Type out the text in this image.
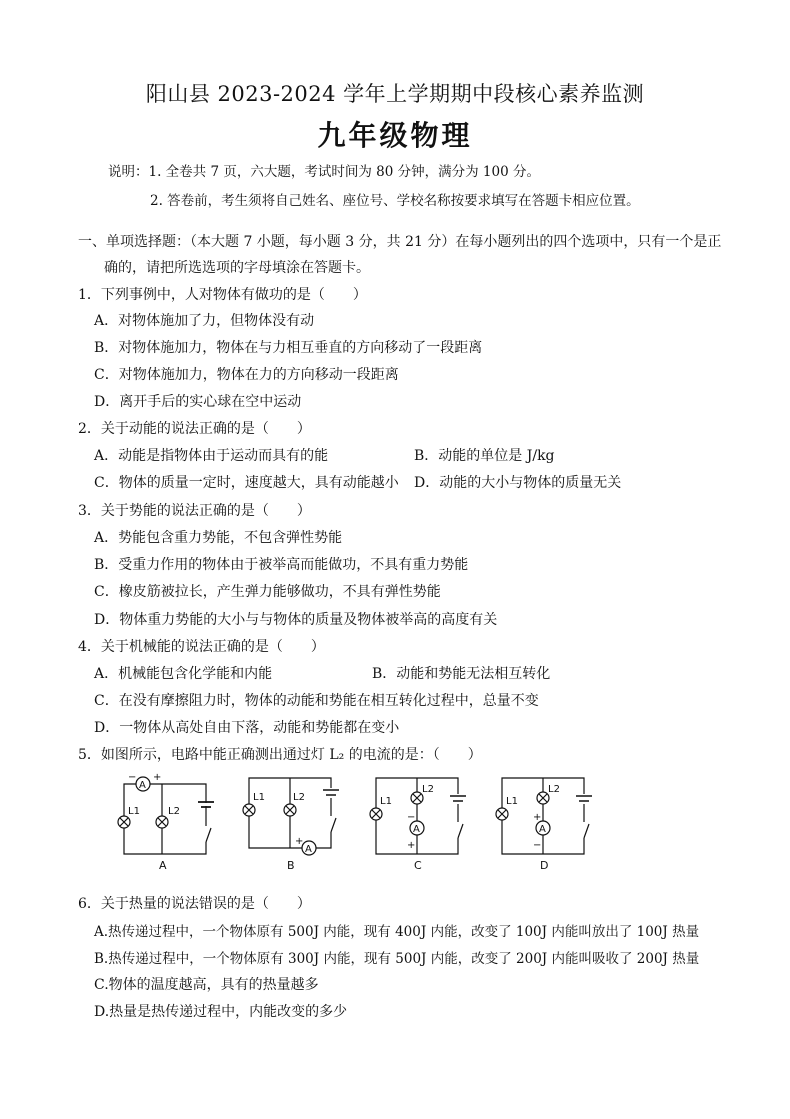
阳山县 2023-2024 学年上学期期中段核心素养监测
九年级物理
说明：1. 全卷共 7 页，六大题，考试时间为 80 分钟，满分为 100 分。
2. 答卷前，考生须将自己姓名、座位号、学校名称按要求填写在答题卡相应位置。
一、单项选择题：（本大题 7 小题，每小题 3 分，共 21 分）在每小题列出的四个选项中，只有一个是正
确的，请把所选选项的字母填涂在答题卡。
1．下列事例中，人对物体有做功的是（　　）
A．对物体施加了力，但物体没有动
B．对物体施加力，物体在与力相互垂直的方向移动了一段距离
C．对物体施加力，物体在力的方向移动一段距离
D．离开手后的实心球在空中运动
2．关于动能的说法正确的是（　　）
A．动能是指物体由于运动而具有的能	B．动能的单位是 J/kg
C．物体的质量一定时，速度越大，具有动能越小 D．动能的大小与物体的质量无关
3．关于势能的说法正确的是（　　）
A．势能包含重力势能，不包含弹性势能
B．受重力作用的物体由于被举高而能做功，不具有重力势能
C．橡皮筋被拉长，产生弹力能够做功，不具有弹性势能
D．物体重力势能的大小与与物体的质量及物体被举高的高度有关
4．关于机械能的说法正确的是（　　）
A．机械能包含化学能和内能	B．动能和势能无法相互转化
C．在没有摩擦阻力时，物体的动能和势能在相互转化过程中，总量不变
D．一物体从高处自由下落，动能和势能都在变小
5．如图所示，电路中能正确测出通过灯 L₂ 的电流的是：（　　）
A
− +
L1	L2
A
L1	L2
A
+
B
L1
L2
A
−
+
C
L1
L2
A
+
−
D
6．关于热量的说法错误的是（　　）
A.热传递过程中，一个物体原有 500J 内能，现有 400J 内能，改变了 100J 内能叫放出了 100J 热量
B.热传递过程中，一个物体原有 300J 内能，现有 500J 内能，改变了 200J 内能叫吸收了 200J 热量
C.物体的温度越高，具有的热量越多
D.热量是热传递过程中，内能改变的多少
